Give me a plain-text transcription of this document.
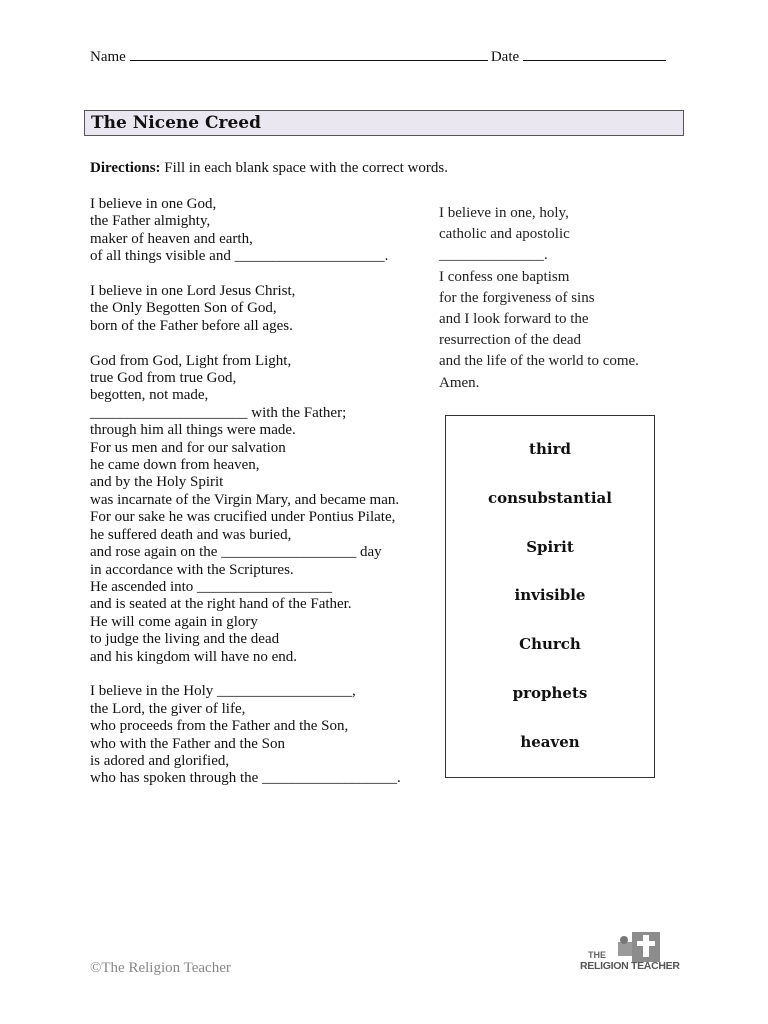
Name	Date
The Nicene Creed
Directions: Fill in each blank space with the correct words.
I believe in one God,
the Father almighty,
maker of heaven and earth,
of all things visible and ____________________.
I believe in one Lord Jesus Christ,
the Only Begotten Son of God,
born of the Father before all ages.
God from God, Light from Light,
true God from true God,
begotten, not made,
_____________________ with the Father;
through him all things were made.
For us men and for our salvation
he came down from heaven,
and by the Holy Spirit
was incarnate of the Virgin Mary, and became man.
For our sake he was crucified under Pontius Pilate,
he suffered death and was buried,
and rose again on the __________________ day
in accordance with the Scriptures.
He ascended into __________________
and is seated at the right hand of the Father.
He will come again in glory
to judge the living and the dead
and his kingdom will have no end.
I believe in the Holy __________________,
the Lord, the giver of life,
who proceeds from the Father and the Son,
who with the Father and the Son
is adored and glorified,
who has spoken through the __________________.
I believe in one, holy,
catholic and apostolic
______________.
I confess one baptism
for the forgiveness of sins
and I look forward to the
resurrection of the dead
and the life of the world to come.
Amen.
third
consubstantial
Spirit
invisible
Church
prophets
heaven
©The Religion Teacher
THE
RELIGION TEACHER
